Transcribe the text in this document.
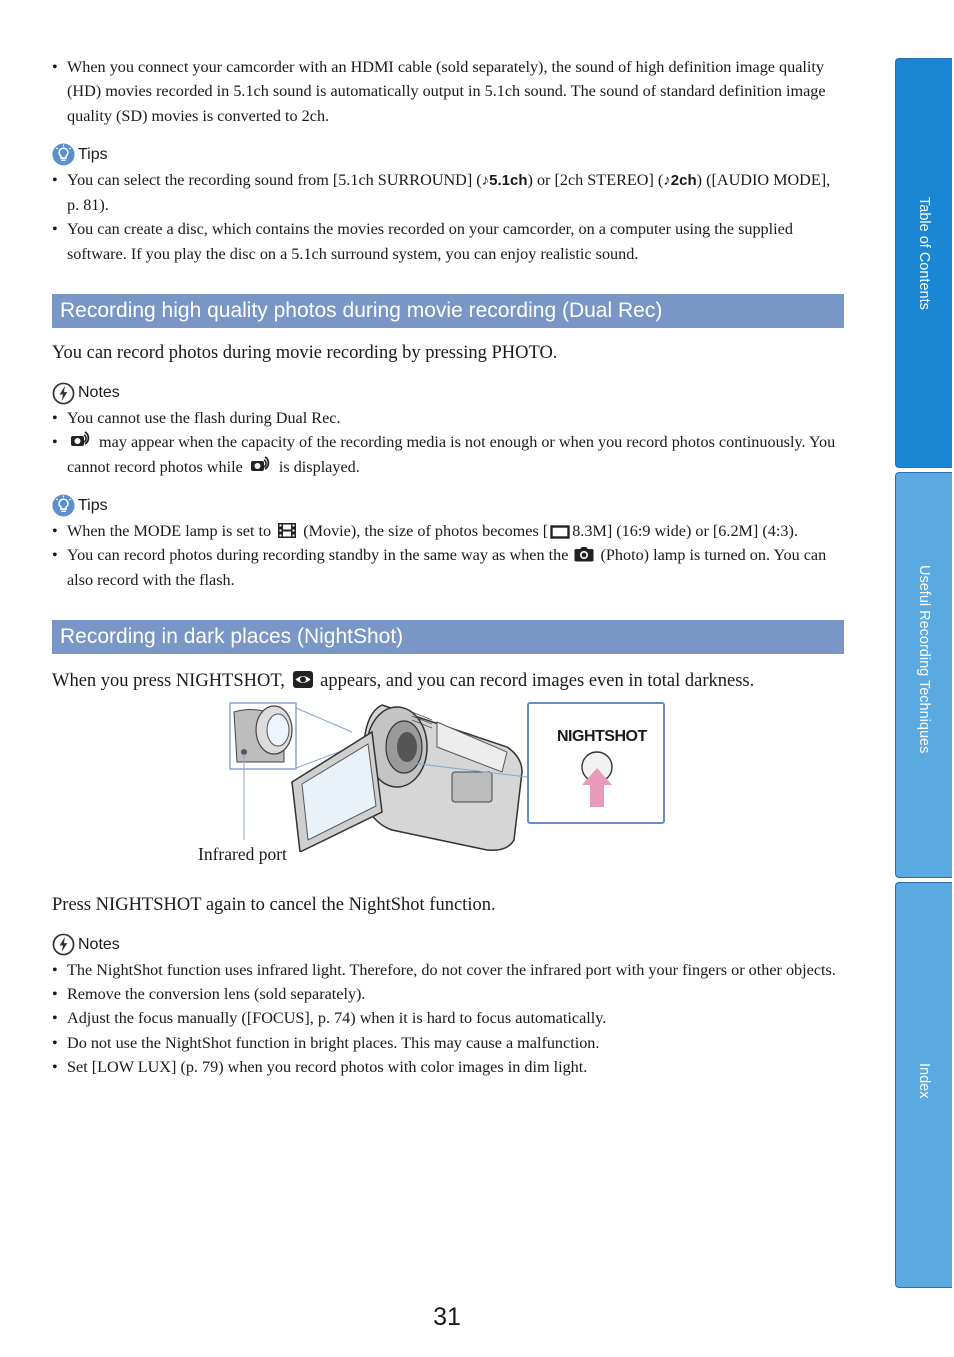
• When you connect your camcorder with an HDMI cable (sold separately), the sound of high definition image quality (HD) movies recorded in 5.1ch sound is automatically output in 5.1ch sound. The sound of standard definition image quality (SD) movies is converted to 2ch.
Tips
• You can select the recording sound from [5.1ch SURROUND] (♪5.1ch) or [2ch STEREO] (♪2ch) ([AUDIO MODE], p. 81).
• You can create a disc, which contains the movies recorded on your camcorder, on a computer using the supplied software. If you play the disc on a 5.1ch surround system, you can enjoy realistic sound.
Recording high quality photos during movie recording (Dual Rec)

You can record photos during movie recording by pressing PHOTO.

Notes
• You cannot use the flash during Dual Rec.
• may appear when the capacity of the recording media is not enough or when you record photos continuously. You cannot record photos while is displayed.
Tips
• When the MODE lamp is set to (Movie), the size of photos becomes [ 8.3M] (16:9 wide) or [6.2M] (4:3).
• You can record photos during recording standby in the same way as when the (Photo) lamp is turned on. You can also record with the flash.
Recording in dark places (NightShot)

When you press NIGHTSHOT, appears, and you can record images even in total darkness.

NIGHTSHOT
Infrared port

Press NIGHTSHOT again to cancel the NightShot function.

Notes
• The NightShot function uses infrared light. Therefore, do not cover the infrared port with your fingers or other objects.
• Remove the conversion lens (sold separately).
• Adjust the focus manually ([FOCUS], p. 74) when it is hard to focus automatically.
• Do not use the NightShot function in bright places. This may cause a malfunction.
• Set [LOW LUX] (p. 79) when you record photos with color images in dim light.
Table of Contents
Useful Recording Techniques
Index
31
